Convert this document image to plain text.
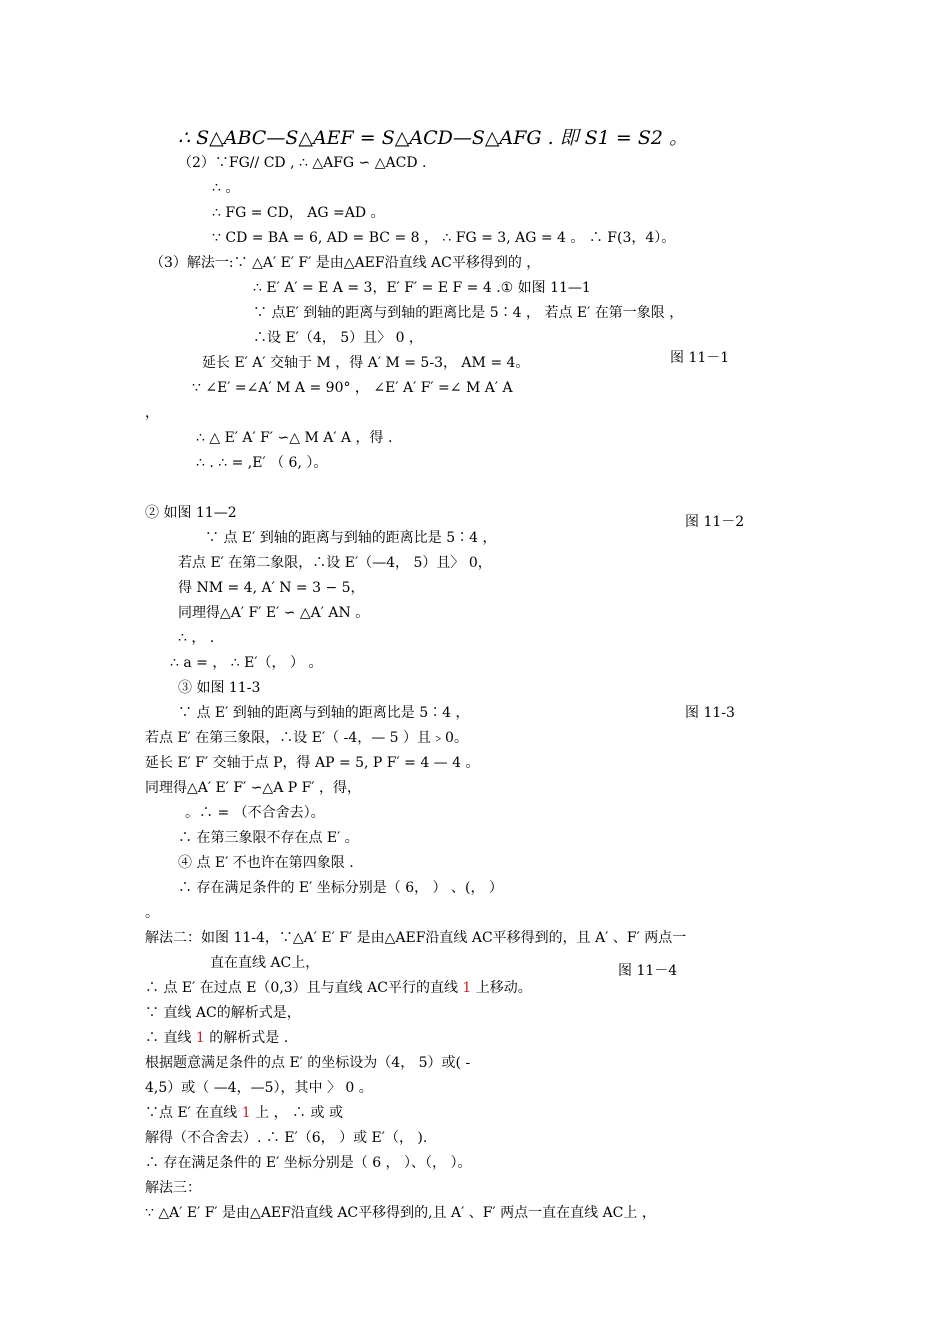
∴ S△ABC—S△AEF = S△ACD—S△AFG . 即 S1 = S2 。
（2）∵FG// CD , ∴ △AFG ∽ △ACD .
∴ 。
∴ FG = CD， AG =AD 。
∵ CD = BA = 6, AD = BC = 8 ， ∴ FG = 3, AG = 4 。 ∴ F(3，4）。
（3）解法一:∵ △A′ E′ F′ 是由△AEF沿直线 AC平移得到的 ，
∴ E′ A′ = E A = 3，E′ F′ = E F = 4 .① 如图 11—1
∵ 点E′ 到轴的距离与到轴的距离比是 5∶4 ， 若点 E′ 在第一象限 ，
∴设 E′（4， 5）且〉 0 ，
延长 E′ A′ 交轴于 M ，得 A′ M = 5-3， AM = 4。
∵ ∠E′ =∠A′ M A = 90° ， ∠E′ A′ F′ =∠ M A′ A
，
∴ △ E′ A′ F′ ∽△ M A′ A ，得 .
∴ . ∴ = ,E′ （ 6, ）。
② 如图 11—2
∵ 点 E′ 到轴的距离与到轴的距离比是 5∶4 ，
若点 E′ 在第二象限，∴设 E′（—4， 5）且〉 0，
得 NM = 4, A′ N = 3 − 5，
同理得△A′ F′ E′ ∽ △A′ AN 。
∴ ， .
∴ a = ， ∴ E′（， ） 。
③ 如图 11-3
∵ 点 E′ 到轴的距离与到轴的距离比是 5∶4 ，
若点 E′ 在第三象限，∴设 E′（ -4，— 5 ）且﹥0。
延长 E′ F′ 交轴于点 P，得 AP = 5, P F′ = 4 — 4 。
同理得△A′ E′ F′ ∽△A P F′ ，得，
。∴ = （不合舍去）。
∴ 在第三象限不存在点 E′ 。
④ 点 E′ 不也许在第四象限 .
∴ 存在满足条件的 E′ 坐标分别是（ 6， ） 、(， ）
。
解法二：如图 11-4，∵△A′ E′ F′ 是由△AEF沿直线 AC平移得到的，且 A′ 、F′ 两点一
直在直线 AC上，
∴ 点 E′ 在过点 E（0,3）且与直线 AC平行的直线 1 上移动。
∵ 直线 AC的解析式是，
∴ 直线 1 的解析式是 .
根据题意满足条件的点 E′ 的坐标设为（4， 5）或( -
4,5）或（ —4，—5），其中 〉 0 。
∵点 E′ 在直线 1 上 ， ∴ 或 或
解得（不合舍去）. ∴ E′（6， ）或 E′（， ).
∴ 存在满足条件的 E′ 坐标分别是（ 6 ， ）、（， ）。
解法三：
∵ △A′ E′ F′ 是由△AEF沿直线 AC平移得到的,且 A′ 、F′ 两点一直在直线 AC上 ，
图 11－1
图 11－2
图 11-3
图 11－4
